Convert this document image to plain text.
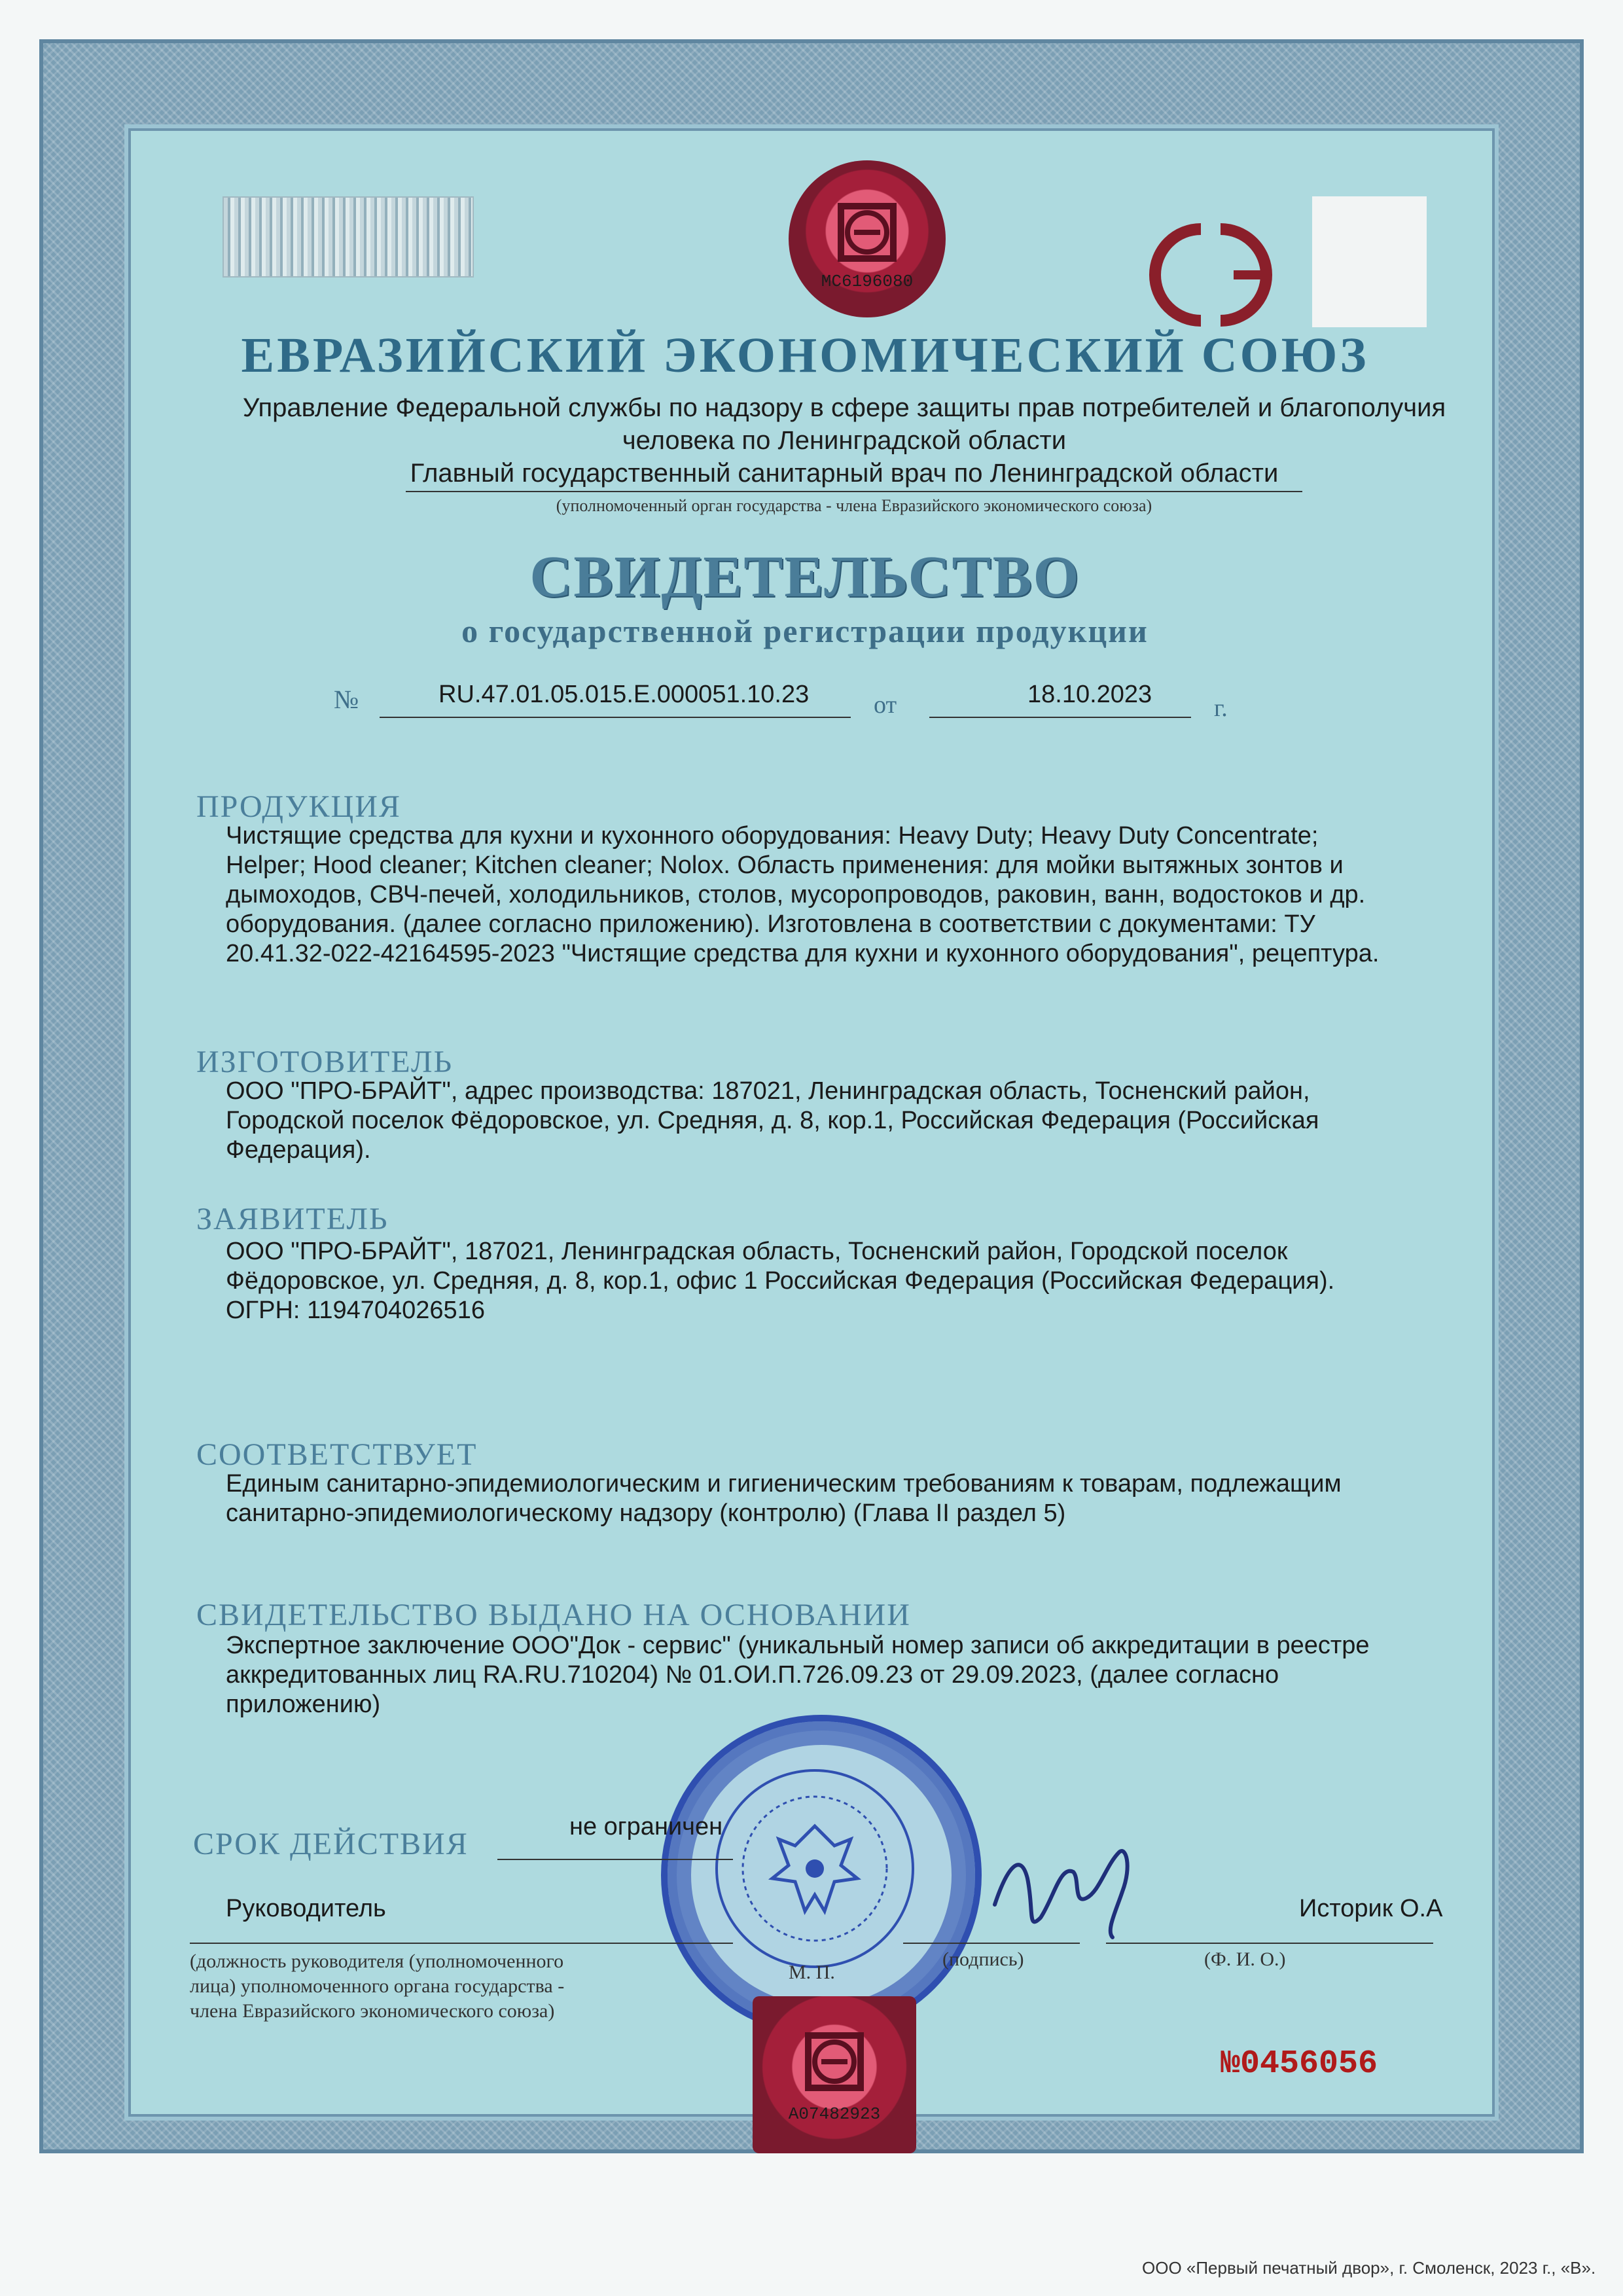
МС6196080
ЕВРАЗИЙСКИЙ ЭКОНОМИЧЕСКИЙ СОЮЗ
Управление Федеральной службы по надзору в сфере защиты прав потребителей и благополучия
человека по Ленинградской области
Главный государственный санитарный врач по Ленинградской области
(уполномоченный орган государства - члена Евразийского экономического союза)
СВИДЕТЕЛЬСТВО
о государственной регистрации продукции
№	RU.47.01.05.015.Е.000051.10.23	от	18.10.2023 г.
ПРОДУКЦИЯ
Чистящие средства для кухни и кухонного оборудования: Heavy Duty; Heavy Duty Concentrate;
Helper; Hood cleaner; Kitchen cleaner; Nolox. Область применения: для мойки вытяжных зонтов и
дымоходов, СВЧ-печей, холодильников, столов, мусоропроводов, раковин, ванн, водостоков и др.
оборудования. (далее согласно приложению). Изготовлена в соответствии с документами: ТУ
20.41.32-022-42164595-2023 "Чистящие средства для кухни и кухонного оборудования", рецептура.
ИЗГОТОВИТЕЛЬ
ООО "ПРО-БРАЙТ", адрес производства: 187021, Ленинградская область, Тосненский район,
Городской поселок Фёдоровское, ул. Средняя, д. 8, кор.1, Российская Федерация (Российская
Федерация).
ЗАЯВИТЕЛЬ
ООО "ПРО-БРАЙТ", 187021, Ленинградская область, Тосненский район, Городской поселок
Фёдоровское, ул. Средняя, д. 8, кор.1, офис 1 Российская Федерация (Российская Федерация).
ОГРН: 1194704026516
СООТВЕТСТВУЕТ
Единым санитарно-эпидемиологическим и гигиеническим требованиям к товарам, подлежащим
санитарно-эпидемиологическому надзору (контролю) (Глава II раздел 5)
СВИДЕТЕЛЬСТВО ВЫДАНО НА ОСНОВАНИИ
Экспертное заключение ООО"Док - сервис" (уникальный номер записи об аккредитации в реестре
аккредитованных лиц RA.RU.710204) № 01.ОИ.П.726.09.23 от 29.09.2023, (далее согласно
приложению)
СРОК ДЕЙСТВИЯ	не ограничен
Руководитель	Историк О.А
(должность руководителя (уполномоченного
лица) уполномоченного органа государства -
члена Евразийского экономического союза)
М. П.
(подпись)	(Ф. И. О.)
А07482923
№0456056
ООО «Первый печатный двор», г. Смоленск, 2023 г., «В».
